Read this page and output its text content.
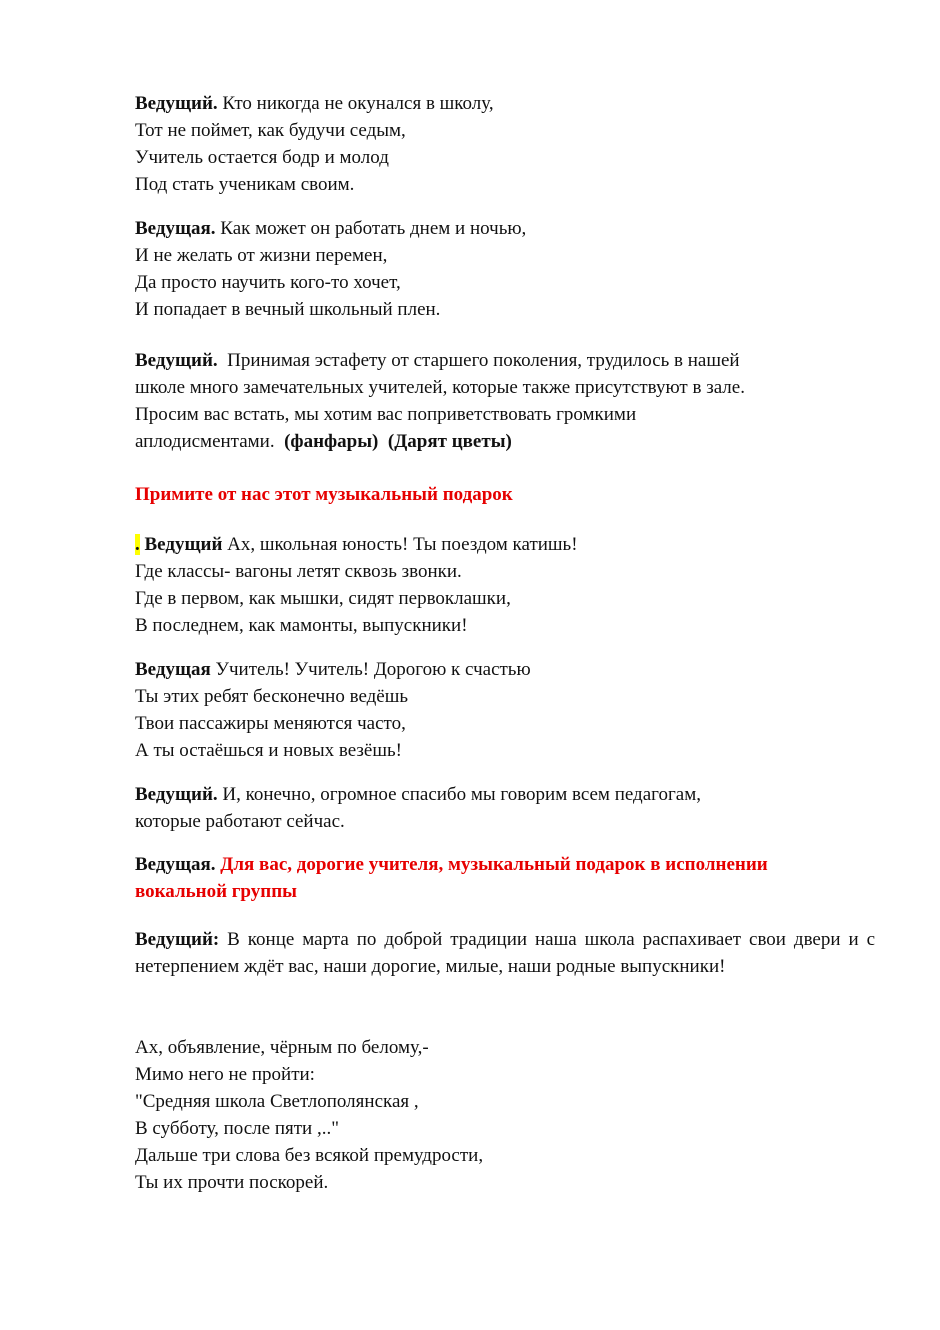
Ведущий. Кто никогда не окунался в школу,
Тот не поймет, как будучи седым,
Учитель остается бодр и молод
Под стать ученикам своим.
Ведущая. Как может он работать днем и ночью,
И не желать от жизни перемен,
Да просто научить кого-то хочет,
И попадает в вечный школьный плен.
Ведущий. Принимая эстафету от старшего поколения, трудилось в нашей
школе много замечательных учителей, которые также присутствуют в зале.
Просим вас встать, мы хотим вас поприветствовать громкими
аплодисментами. (фанфары) (Дарят цветы)
Примите от нас этот музыкальный подарок
. Ведущий Ах, школьная юность! Ты поездом катишь!
Где классы- вагоны летят сквозь звонки.
Где в первом, как мышки, сидят первоклашки,
В последнем, как мамонты, выпускники!
Ведущая Учитель! Учитель! Дорогою к счастью
Ты этих ребят бесконечно ведёшь
Твои пассажиры меняются часто,
А ты остаёшься и новых везёшь!
Ведущий. И, конечно, огромное спасибо мы говорим всем педагогам,
которые работают сейчас.
Ведущая. Для вас, дорогие учителя, музыкальный подарок в исполнении
вокальной группы
Ведущий: В конце марта по доброй традиции наша школа распахивает свои двери и с нетерпением ждёт вас, наши дорогие, милые, наши родные выпускники!
Ах, объявление, чёрным по белому,-
Мимо него не пройти:
"Средняя школа Светлополянская ,
В субботу, после пяти ,.."
Дальше три слова без всякой премудрости,
Ты их прочти поскорей.
